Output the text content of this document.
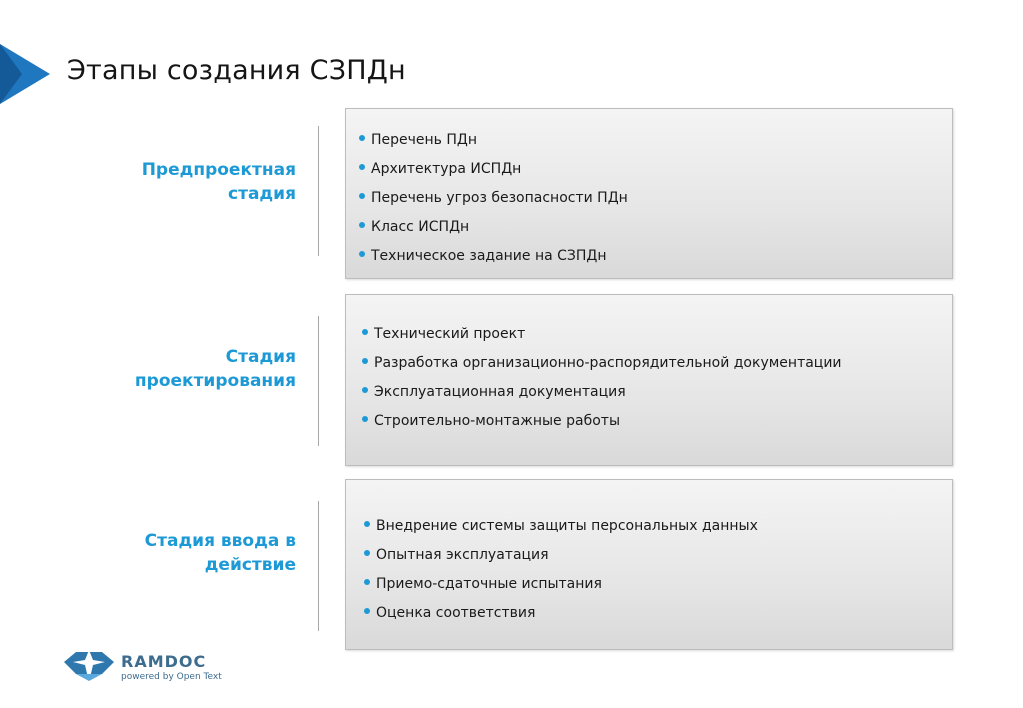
Этапы создания СЗПДн
Предпроектная
стадия
Перечень ПДн
Архитектура ИСПДн
Перечень угроз безопасности ПДн
Класс ИСПДн
Техническое задание на СЗПДн
Стадия
проектирования
Технический проект
Разработка организационно-распорядительной документации
Эксплуатационная документация
Строительно-монтажные работы
Стадия ввода в
действие
Внедрение системы защиты персональных данных
Опытная эксплуатация
Приемо-сдаточные испытания
Оценка соответствия
RAMDOC
powered by Open Text
